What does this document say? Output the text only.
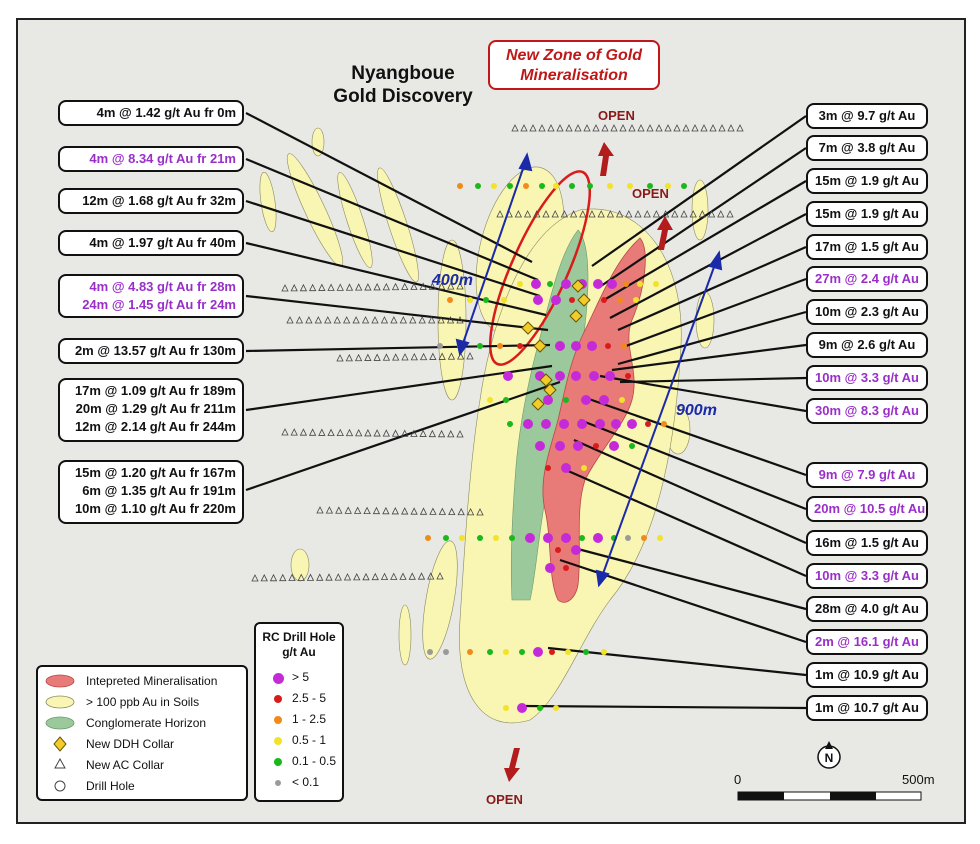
Nyangboue
Gold Discovery
New Zone of Gold
Mineralisation
OPEN
OPEN
OPEN
400m
900m
4m @ 1.42 g/t Au fr 0m
4m @ 8.34 g/t Au fr 21m
12m @ 1.68 g/t Au fr 32m
4m @ 1.97 g/t Au fr 40m
4m @ 4.83 g/t Au fr 28m
24m @ 1.45 g/t Au fr 24m
2m @ 13.57 g/t Au fr 130m
17m @ 1.09 g/t Au fr 189m
20m @ 1.29 g/t Au fr 211m
12m @ 2.14 g/t Au fr 244m
15m @ 1.20 g/t Au fr 167m
6m @ 1.35 g/t Au fr 191m
10m @ 1.10 g/t Au fr 220m
3m @ 9.7 g/t Au
7m @ 3.8 g/t Au
15m @ 1.9 g/t Au
15m @ 1.9 g/t Au
17m @ 1.5 g/t Au
27m @ 2.4 g/t Au
10m @ 2.3 g/t Au
9m @ 2.6 g/t Au
10m @ 3.3 g/t Au
30m @ 8.3 g/t Au
9m @ 7.9 g/t Au
20m @ 10.5 g/t Au
16m @ 1.5 g/t Au
10m @ 3.3 g/t Au
28m @ 4.0 g/t Au
2m @ 16.1 g/t Au
1m @ 10.9 g/t Au
1m @ 10.7 g/t Au
Intepreted Mineralisation
> 100 ppb Au in Soils
Conglomerate Horizon
New DDH Collar
New AC Collar
Drill Hole
RC Drill Hole
g/t Au
> 5
2.5 - 5
1 - 2.5
0.5 - 1
0.1 - 0.5
< 0.1	0	500m
N
